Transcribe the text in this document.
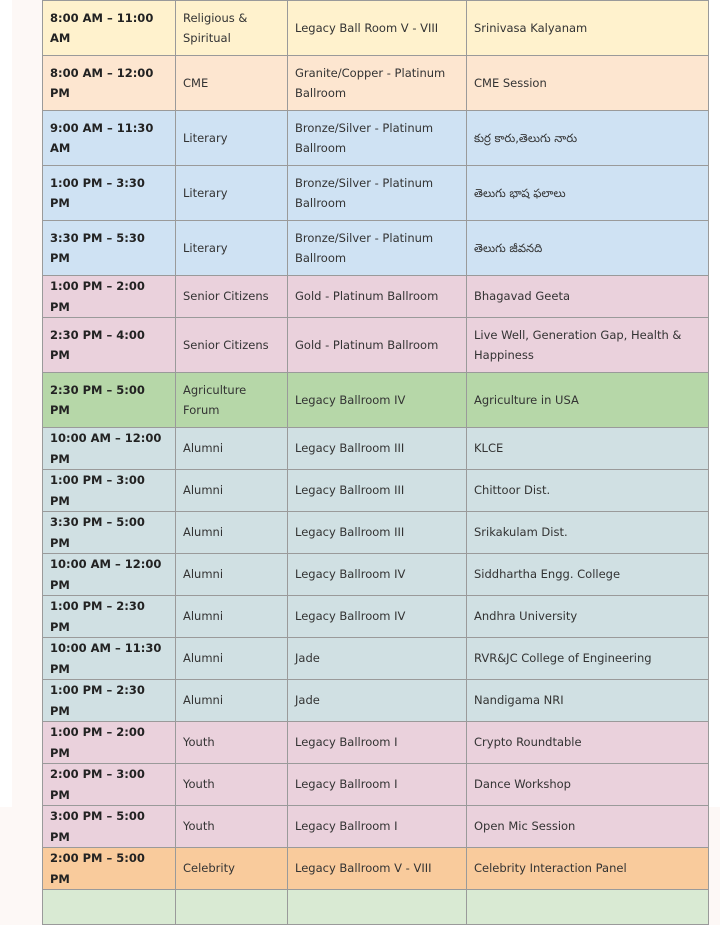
8:00 AM – 11:00 AM	Religious & Spiritual	Legacy Ball Room V - VIII	Srinivasa Kalyanam
8:00 AM – 12:00 PM	CME	Granite/Copper - Platinum Ballroom	CME Session
9:00 AM – 11:30 AM	Literary	Bronze/Silver - Platinum Ballroom	కుర్ర కారు,తెలుగు నారు
1:00 PM – 3:30 PM	Literary	Bronze/Silver - Platinum Ballroom	తెలుగు భాష ఫలాలు
3:30 PM – 5:30 PM	Literary	Bronze/Silver - Platinum Ballroom	తెలుగు జీవనది
1:00 PM – 2:00 PM	Senior Citizens	Gold - Platinum Ballroom	Bhagavad Geeta
2:30 PM – 4:00 PM	Senior Citizens	Gold - Platinum Ballroom	Live Well, Generation Gap, Health & Happiness
2:30 PM – 5:00 PM	Agriculture Forum	Legacy Ballroom IV	Agriculture in USA
10:00 AM – 12:00 PM	Alumni	Legacy Ballroom III	KLCE
1:00 PM – 3:00 PM	Alumni	Legacy Ballroom III	Chittoor Dist.
3:30 PM – 5:00 PM	Alumni	Legacy Ballroom III	Srikakulam Dist.
10:00 AM – 12:00 PM	Alumni	Legacy Ballroom IV	Siddhartha Engg. College
1:00 PM – 2:30 PM	Alumni	Legacy Ballroom IV	Andhra University
10:00 AM – 11:30 PM	Alumni	Jade	RVR&JC College of Engineering
1:00 PM – 2:30 PM	Alumni	Jade	Nandigama NRI
1:00 PM – 2:00 PM	Youth	Legacy Ballroom I	Crypto Roundtable
2:00 PM – 3:00 PM	Youth	Legacy Ballroom I	Dance Workshop
3:00 PM – 5:00 PM	Youth	Legacy Ballroom I	Open Mic Session
2:00 PM – 5:00 PM	Celebrity	Legacy Ballroom V - VIII	Celebrity Interaction Panel
